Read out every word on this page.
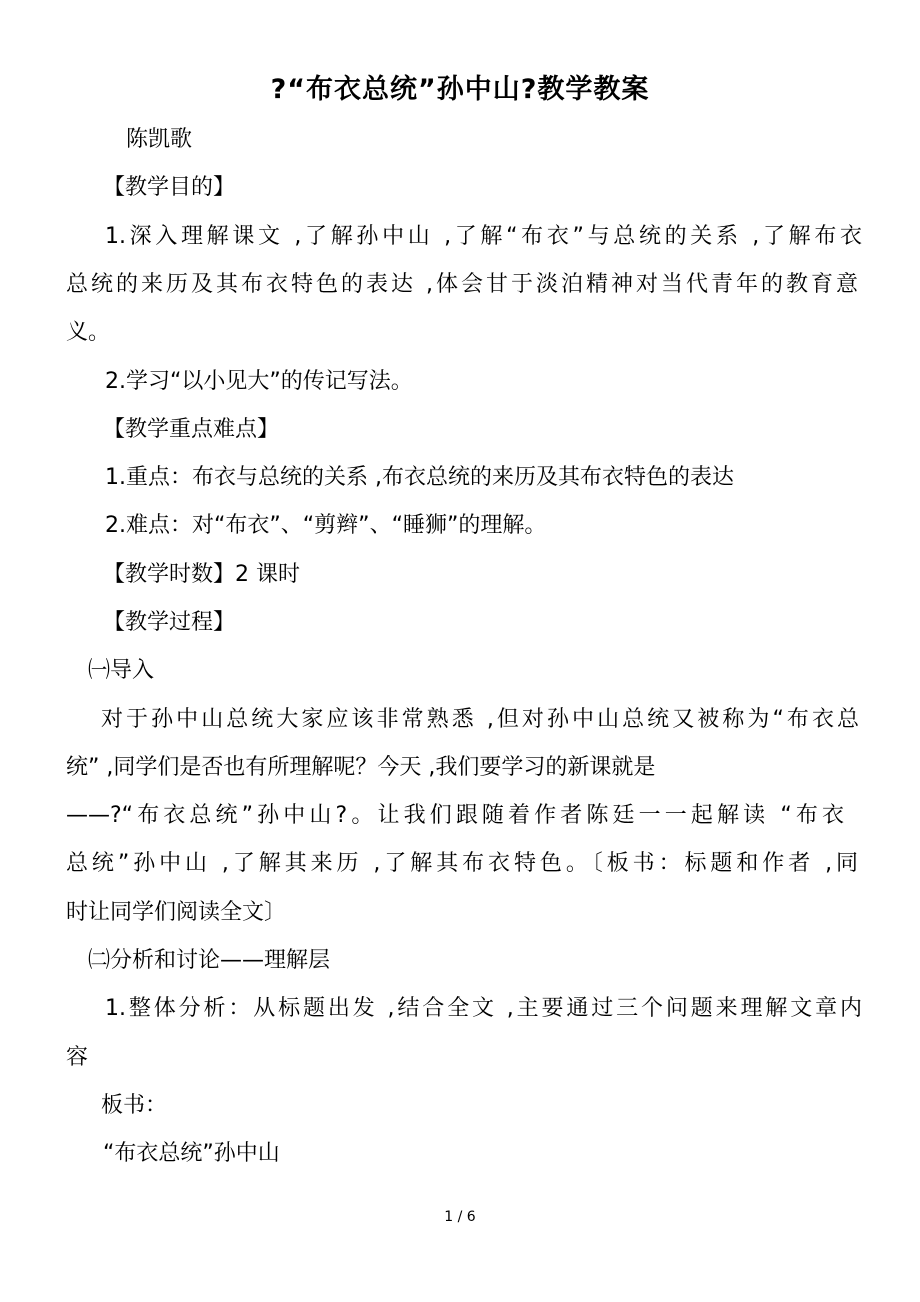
?“布衣总统”孙中山?教学教案
陈凯歌
【教学目的】
1.深入理解课文 ,了解孙中山 ,了解“布衣”与总统的关系 ,了解布衣
总统的来历及其布衣特色的表达 ,体会甘于淡泊精神对当代青年的教育意
义。
2.学习“以小见大”的传记写法。
【教学重点难点】
1.重点：布衣与总统的关系 ,布衣总统的来历及其布衣特色的表达
2.难点：对“布衣”、“剪辫”、“睡狮”的理解。
【教学时数】2 课时
【教学过程】
㈠导入
对于孙中山总统大家应该非常熟悉 ,但对孙中山总统又被称为“布衣总
统” ,同学们是否也有所理解呢？今天 ,我们要学习的新课就是
——?“布衣总统”孙中山?。让我们跟随着作者陈廷一一起解读 “布衣
总统”孙中山 ,了解其来历 ,了解其布衣特色。〔板书：标题和作者 ,同
时让同学们阅读全文〕
㈡分析和讨论——理解层
1.整体分析：从标题出发 ,结合全文 ,主要通过三个问题来理解文章内
容
板书：
“布衣总统”孙中山
1 / 6
